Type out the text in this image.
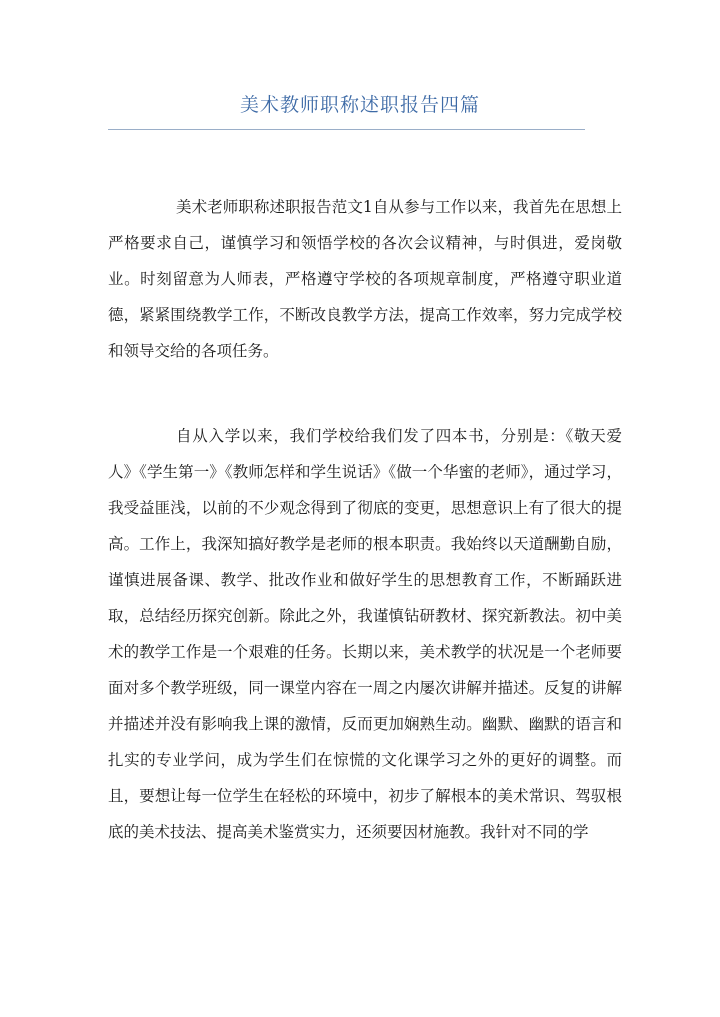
美术教师职称述职报告四篇

美术老师职称述职报告范文1自从参与工作以来，我首先在思想上严格要求自己，谨慎学习和领悟学校的各次会议精神，与时俱进，爱岗敬业。时刻留意为人师表，严格遵守学校的各项规章制度，严格遵守职业道德，紧紧围绕教学工作，不断改良教学方法，提高工作效率，努力完成学校和领导交给的各项任务。

自从入学以来，我们学校给我们发了四本书，分别是：《敬天爱人》《学生第一》《教师怎样和学生说话》《做一个华蜜的老师》，通过学习，我受益匪浅，以前的不少观念得到了彻底的变更，思想意识上有了很大的提高。工作上，我深知搞好教学是老师的根本职责。我始终以天道酬勤自励，谨慎进展备课、教学、批改作业和做好学生的思想教育工作，不断踊跃进取，总结经历探究创新。除此之外，我谨慎钻研教材、探究新教法。初中美术的教学工作是一个艰难的任务。长期以来，美术教学的状况是一个老师要面对多个教学班级，同一课堂内容在一周之内屡次讲解并描述。反复的讲解并描述并没有影响我上课的激情，反而更加娴熟生动。幽默、幽默的语言和扎实的专业学问，成为学生们在惊慌的文化课学习之外的更好的调整。而且，要想让每一位学生在轻松的环境中，初步了解根本的美术常识、驾驭根底的美术技法、提高美术鉴赏实力，还须要因材施教。我针对不同的学
